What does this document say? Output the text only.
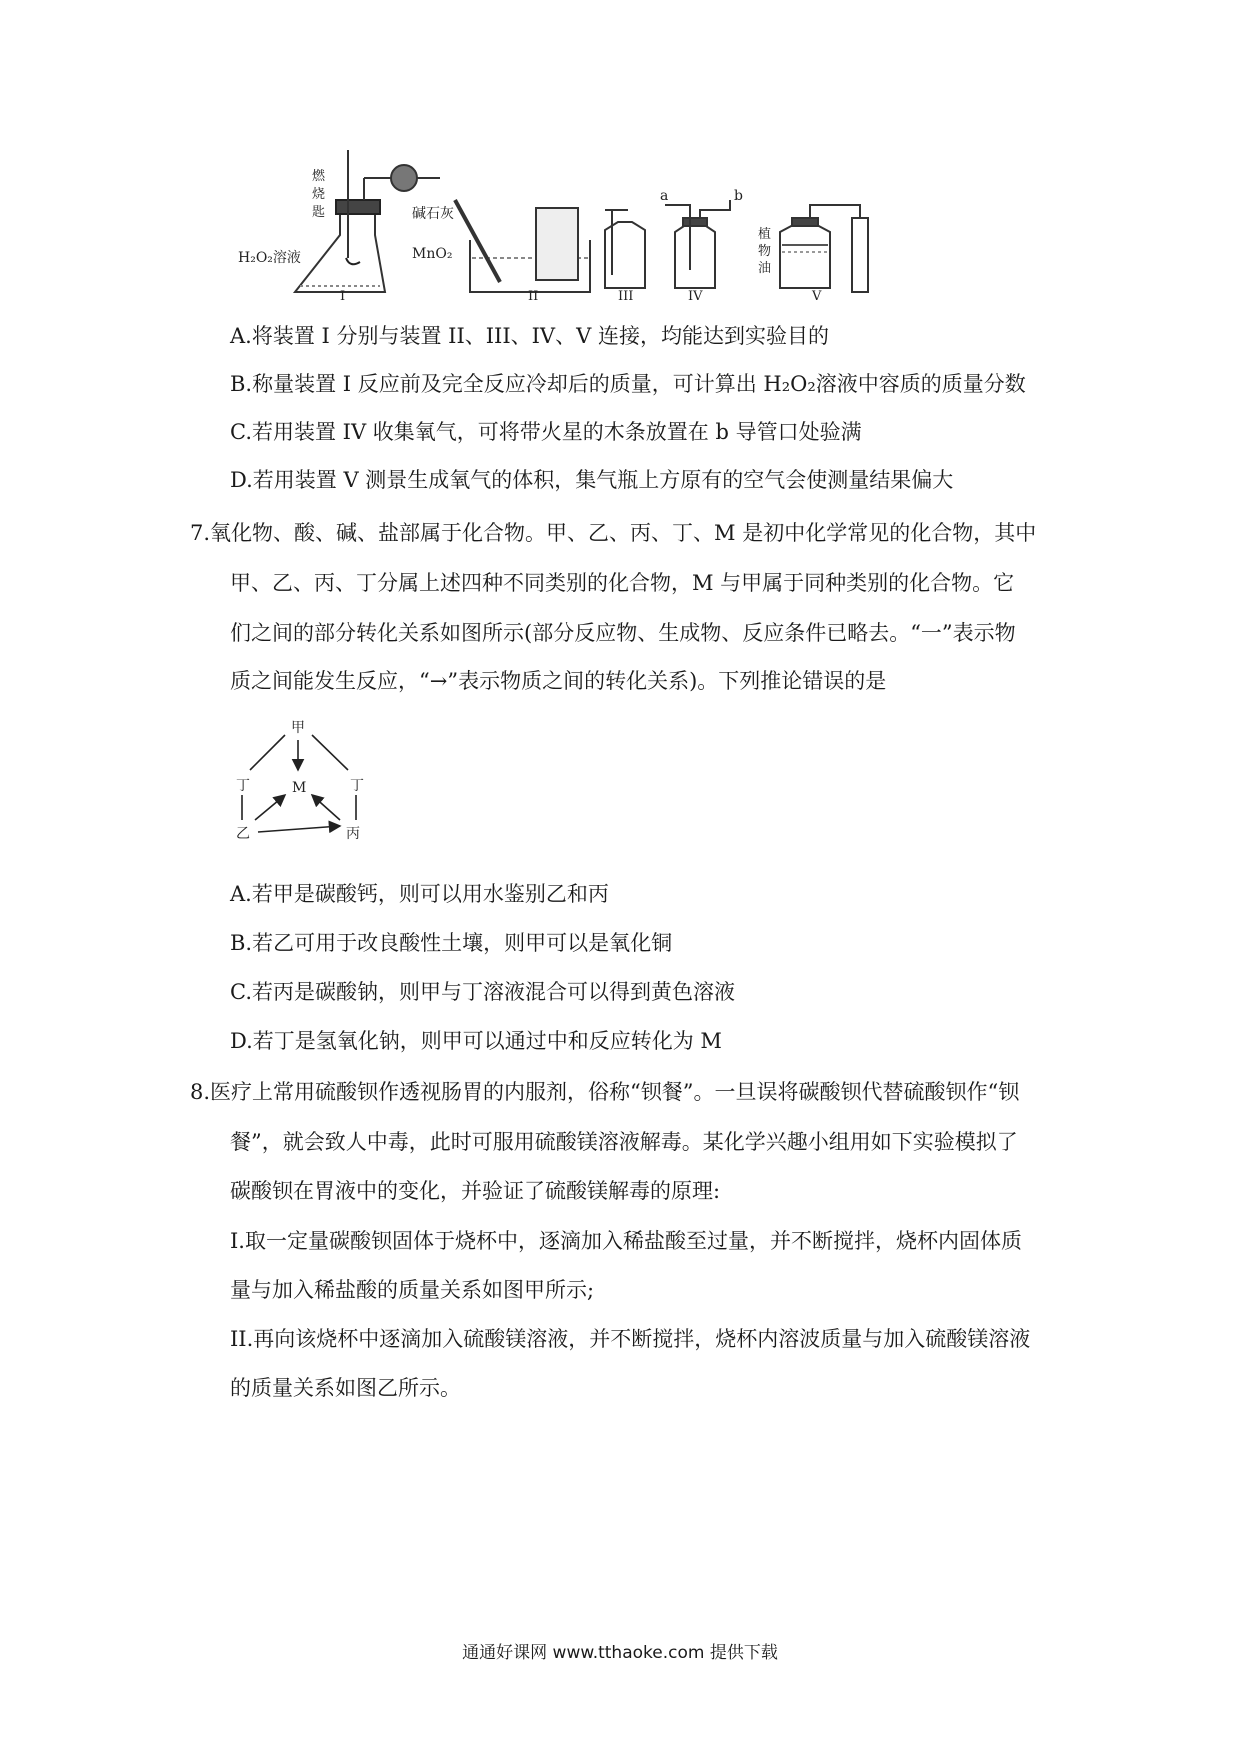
燃
烧
匙	碱石灰
MnO₂
H₂O₂溶液
a	b
植
物
油
I	II	III	IV	V
A.将装置 I 分别与装置 II、III、IV、V 连接，均能达到实验目的
B.称量装置 I 反应前及完全反应冷却后的质量，可计算出 H₂O₂溶液中容质的质量分数
C.若用装置 IV 收集氧气，可将带火星的木条放置在 b 导管口处验满
D.若用装置 V 测景生成氧气的体积，集气瓶上方原有的空气会使测量结果偏大
7.氧化物、酸、碱、盐部属于化合物。甲、乙、丙、丁、M 是初中化学常见的化合物，其中
甲、乙、丙、丁分属上述四种不同类别的化合物，M 与甲属于同种类别的化合物。它
们之间的部分转化关系如图所示(部分反应物、生成物、反应条件已略去。“一”表示物
质之间能发生反应，“→”表示物质之间的转化关系)。下列推论错误的是
甲
丁	丁
M
乙	丙
A.若甲是碳酸钙，则可以用水鉴别乙和丙
B.若乙可用于改良酸性土壤，则甲可以是氧化铜
C.若丙是碳酸钠，则甲与丁溶液混合可以得到黄色溶液
D.若丁是氢氧化钠，则甲可以通过中和反应转化为 M
8.医疗上常用硫酸钡作透视肠胃的内服剂，俗称“钡餐”。一旦误将碳酸钡代替硫酸钡作“钡
餐”，就会致人中毒，此时可服用硫酸镁溶液解毒。某化学兴趣小组用如下实验模拟了
碳酸钡在胃液中的变化，并验证了硫酸镁解毒的原理:
I.取一定量碳酸钡固体于烧杯中，逐滴加入稀盐酸至过量，并不断搅拌，烧杯内固体质
量与加入稀盐酸的质量关系如图甲所示;
II.再向该烧杯中逐滴加入硫酸镁溶液，并不断搅拌，烧杯内溶波质量与加入硫酸镁溶液
的质量关系如图乙所示。
通通好课网 www.tthaoke.com 提供下载
